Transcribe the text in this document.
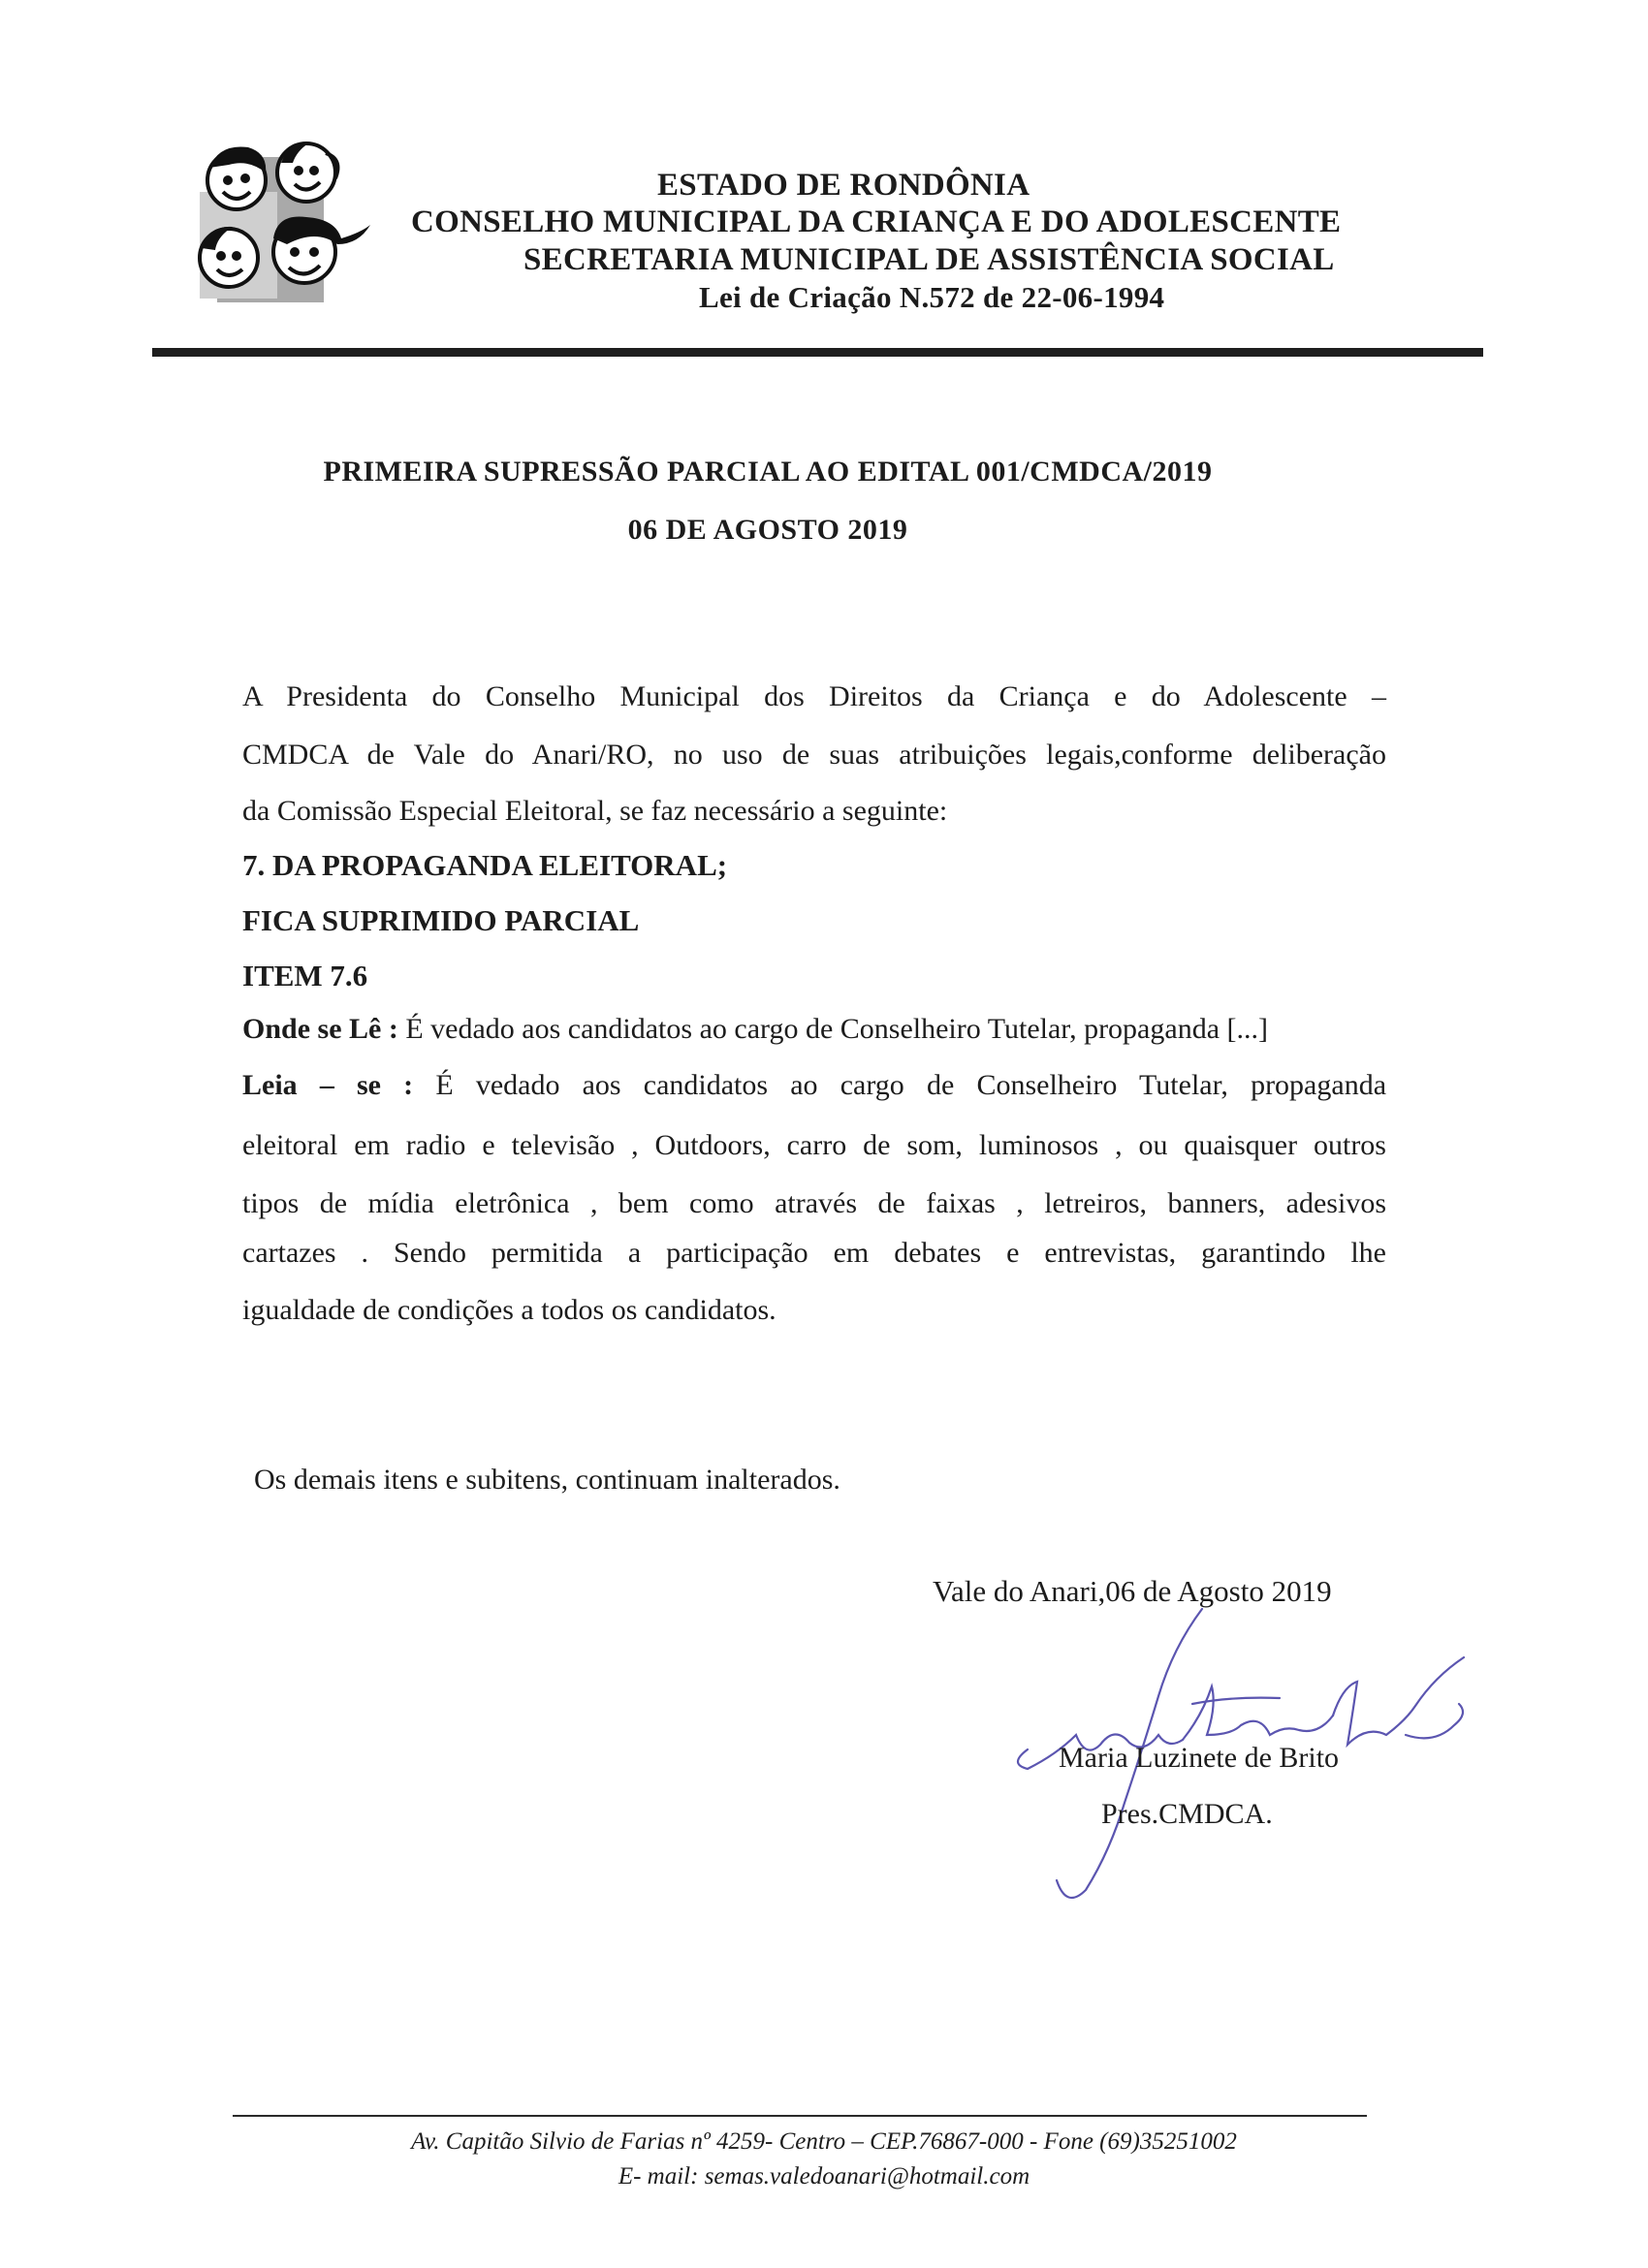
ESTADO DE RONDÔNIA
CONSELHO MUNICIPAL DA CRIANÇA E DO ADOLESCENTE
SECRETARIA MUNICIPAL DE ASSISTÊNCIA SOCIAL
Lei de Criação N.572 de 22-06-1994
PRIMEIRA SUPRESSÃO PARCIAL AO EDITAL 001/CMDCA/2019
06 DE AGOSTO 2019
A Presidenta do Conselho Municipal dos Direitos da Criança e do Adolescente –
CMDCA de Vale do Anari/RO, no uso de suas atribuições legais,conforme deliberação
da Comissão Especial Eleitoral, se faz necessário a seguinte:
7. DA PROPAGANDA ELEITORAL;
FICA SUPRIMIDO PARCIAL
ITEM 7.6
Onde se Lê : É vedado aos candidatos ao cargo de Conselheiro Tutelar, propaganda [...]
Leia – se : É vedado aos candidatos ao cargo de Conselheiro Tutelar, propaganda
eleitoral em radio e televisão , Outdoors, carro de som, luminosos , ou quaisquer outros
tipos de mídia eletrônica , bem como através de faixas , letreiros, banners, adesivos
cartazes . Sendo permitida a participação em debates e entrevistas, garantindo lhe
igualdade de condições a todos os candidatos.
Os demais itens e subitens, continuam inalterados.
Vale do Anari,06 de Agosto 2019
Maria Luzinete de Brito
Pres.CMDCA.
Av. Capitão Silvio de Farias nº 4259- Centro – CEP.76867-000 - Fone (69)35251002
E- mail: semas.valedoanari@hotmail.com
